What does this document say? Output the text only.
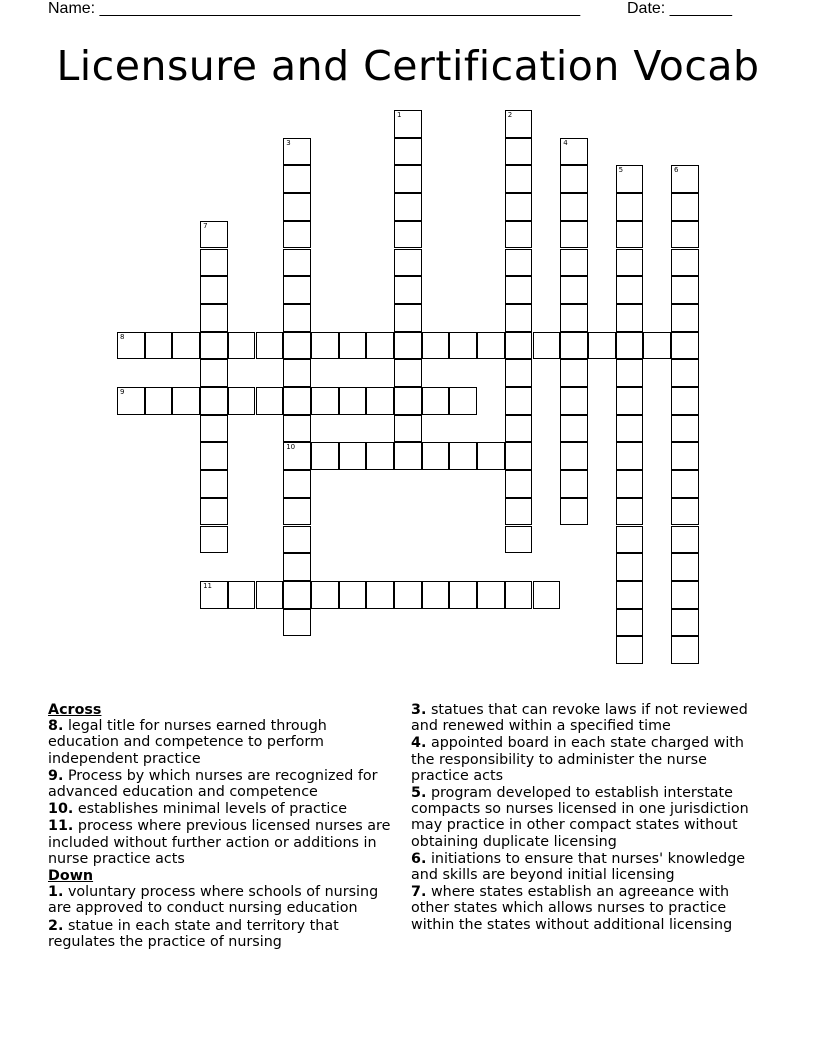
Name: ______________________________________________________	Date: _______
Licensure and Certification Vocab
1	2
3
10
4
5	6
7
8
9
11
Across
8. legal title for nurses earned through education and competence to perform independent practice
9. Process by which nurses are recognized for advanced education and competence
10. establishes minimal levels of practice
11. process where previous licensed nurses are included without further action or additions in nurse practice acts
Down
1. voluntary process where schools of nursing are approved to conduct nursing education
2. statue in each state and territory that regulates the practice of nursing
3. statues that can revoke laws if not reviewed and renewed within a specified time
4. appointed board in each state charged with the responsibility to administer the nurse practice acts
5. program developed to establish interstate compacts so nurses licensed in one jurisdiction may practice in other compact states without obtaining duplicate licensing
6. initiations to ensure that nurses' knowledge and skills are beyond initial licensing
7. where states establish an agreeance with other states which allows nurses to practice within the states without additional licensing
